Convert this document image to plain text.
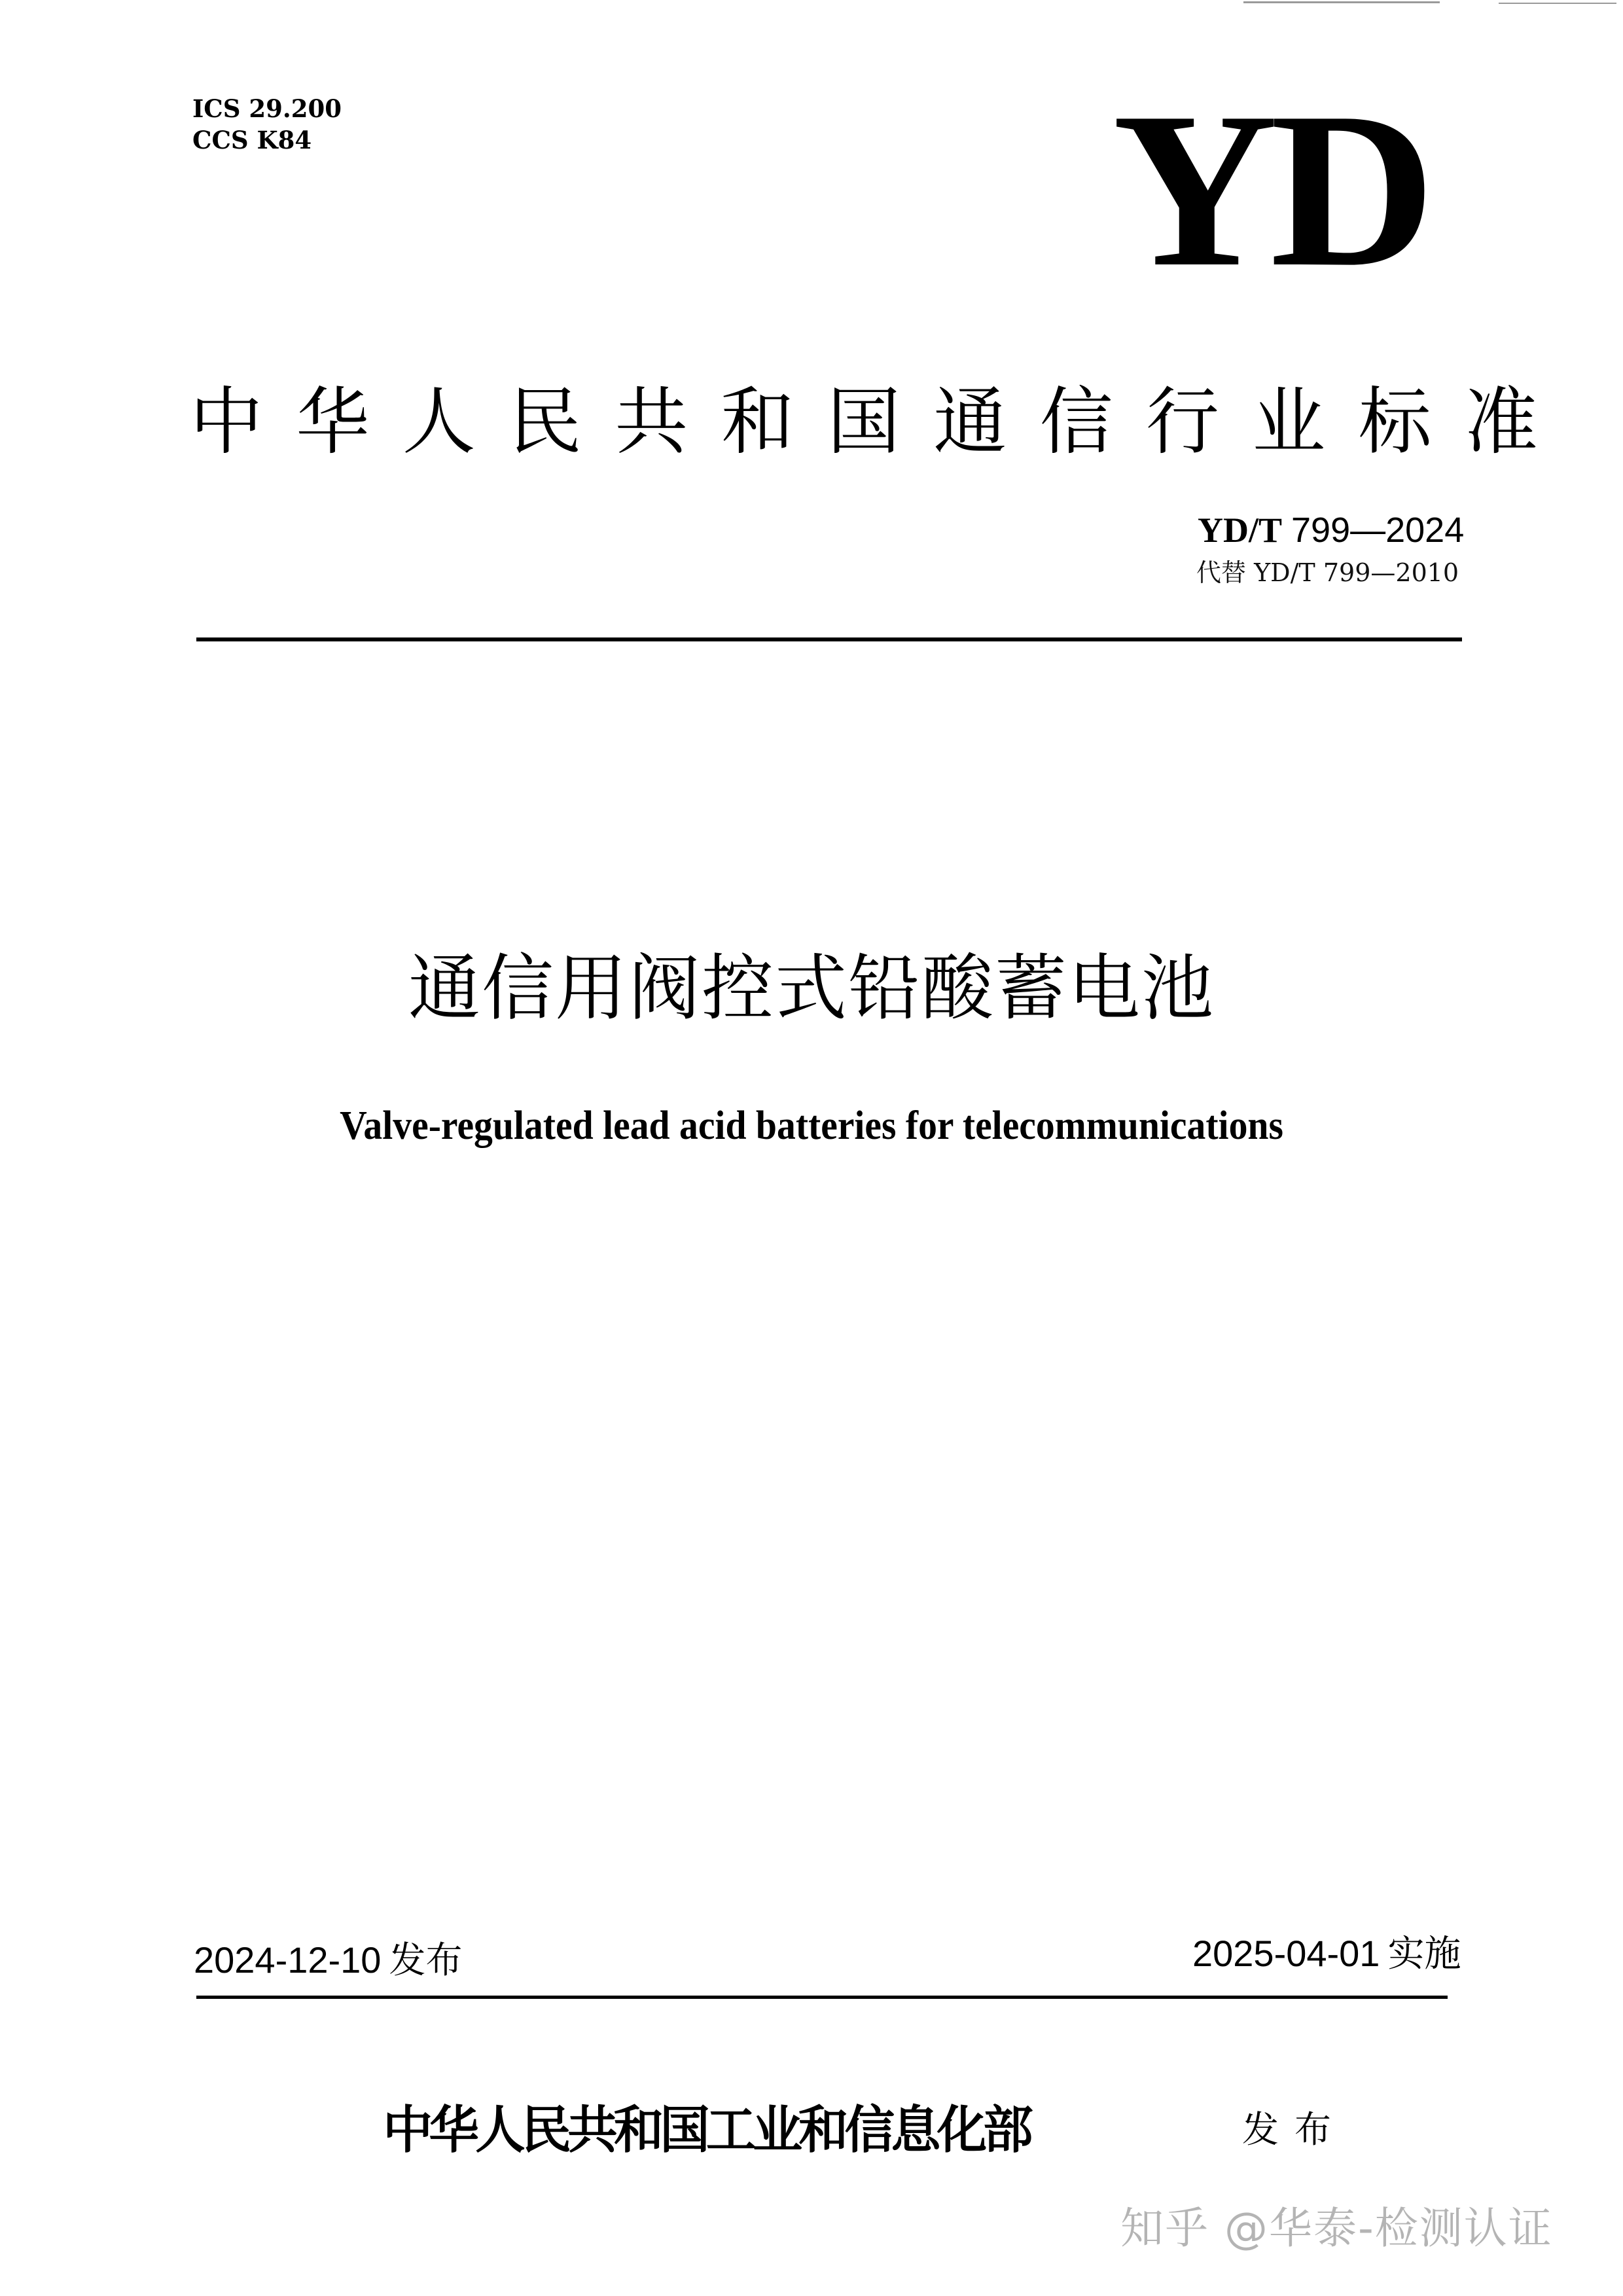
ICS 29.200
CCS K84	YD
中 华 人 民 共 和 国 通 信 行 业 标 准
YD/T 799—2024
代替 YD/T 799—2010
通信用阀控式铅酸蓄电池
Valve-regulated lead acid batteries for telecommunications
2024-12-10 发布	2025-04-01 实施
中华人民共和国工业和信息化部	发布
知乎 @华泰-检测认证
